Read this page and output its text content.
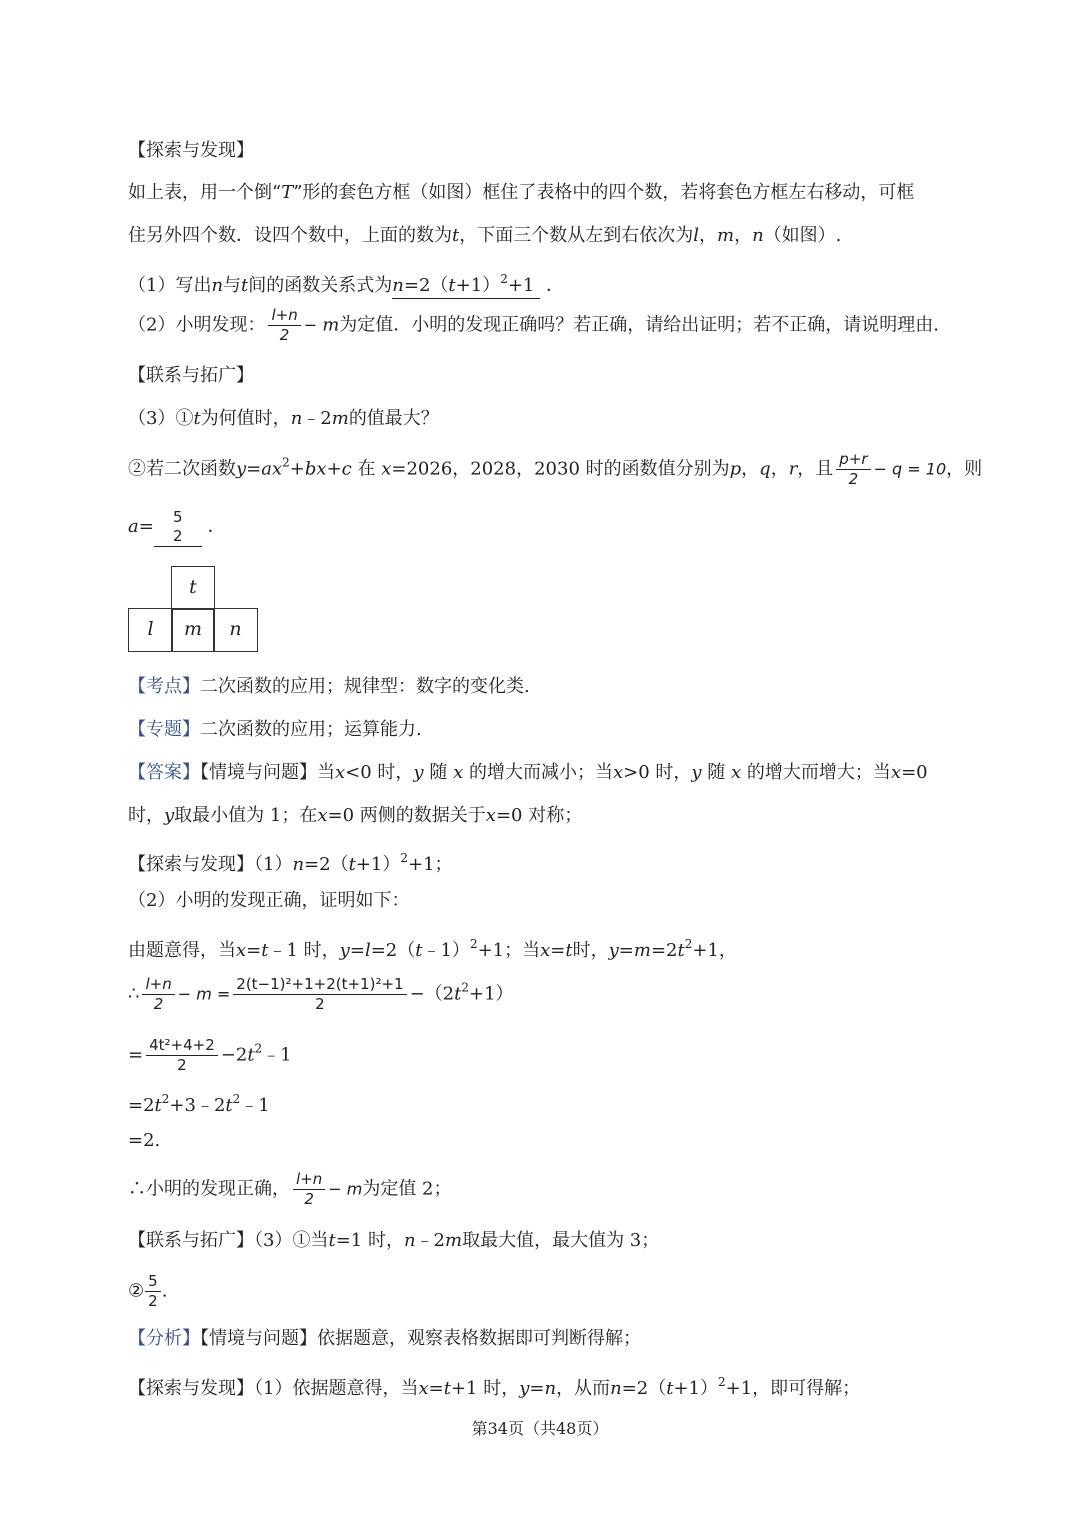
【探索与发现】
如上表，用一个倒“T”形的套色方框（如图）框住了表格中的四个数，若将套色方框左右移动，可框
住另外四个数．设四个数中，上面的数为t，下面三个数从左到右依次为l，m，n（如图）.
（1）写出n与t间的函数关系式为$n=2(t+1)^2+1$ ．
（2）小明发现： $\frac{l+n}{2} - m$为定值．小明的发现正确吗？若正确，请给出证明；若不正确，请说明理由.
【联系与拓广】
（3）①t为何值时，n﹣2m的值最大？
②若二次函数$y=ax^2+bx+c$ 在 x=2026，2028，2030 时的函数值分别为p，q，r，且 $\frac{p+r}{2} - q = 10$，则
a= 5
2 ．
t
l	m	n
【考点】二次函数的应用；规律型：数字的变化类.
【专题】二次函数的应用；运算能力.
【答案】【情境与问题】当x<0 时，y 随 x 的增大而减小；当x>0 时，y 随 x 的增大而增大；当x=0
时，y取最小值为 1；在x=0 两侧的数据关于x=0 对称；
【探索与发现】$(1)n=2(t+1)^2+1$；
（2）小明的发现正确，证明如下：
由题意得，当x=t﹣1 时，y=l=2（t﹣1）$^2$+1；当x=t时，$y=m=2t^2+1$，
∴ $\frac{l+n}{2} - m = \frac{\text{2(t−1)²+1+2(t+1)²+1}}{2} -(2t^2+1)$
= $\frac{\text{4t²+4+2}}{2}$ $-2t^2﹣1$
$=2t^2+3﹣2t^2﹣1$
=2.
∴小明的发现正确， $\frac{l+n}{2} - m$为定值 2；
【联系与拓广】（3）①当t=1 时，n﹣2m取最大值，最大值为 3；
② $\frac{5}{2}$ .
【分析】【情境与问题】依据题意，观察表格数据即可判断得解；
【探索与发现】（1）依据题意得，当x=t+1 时，y=n，从而$n=2(t+1)^2+1$，即可得解；
第34页（共48页）
